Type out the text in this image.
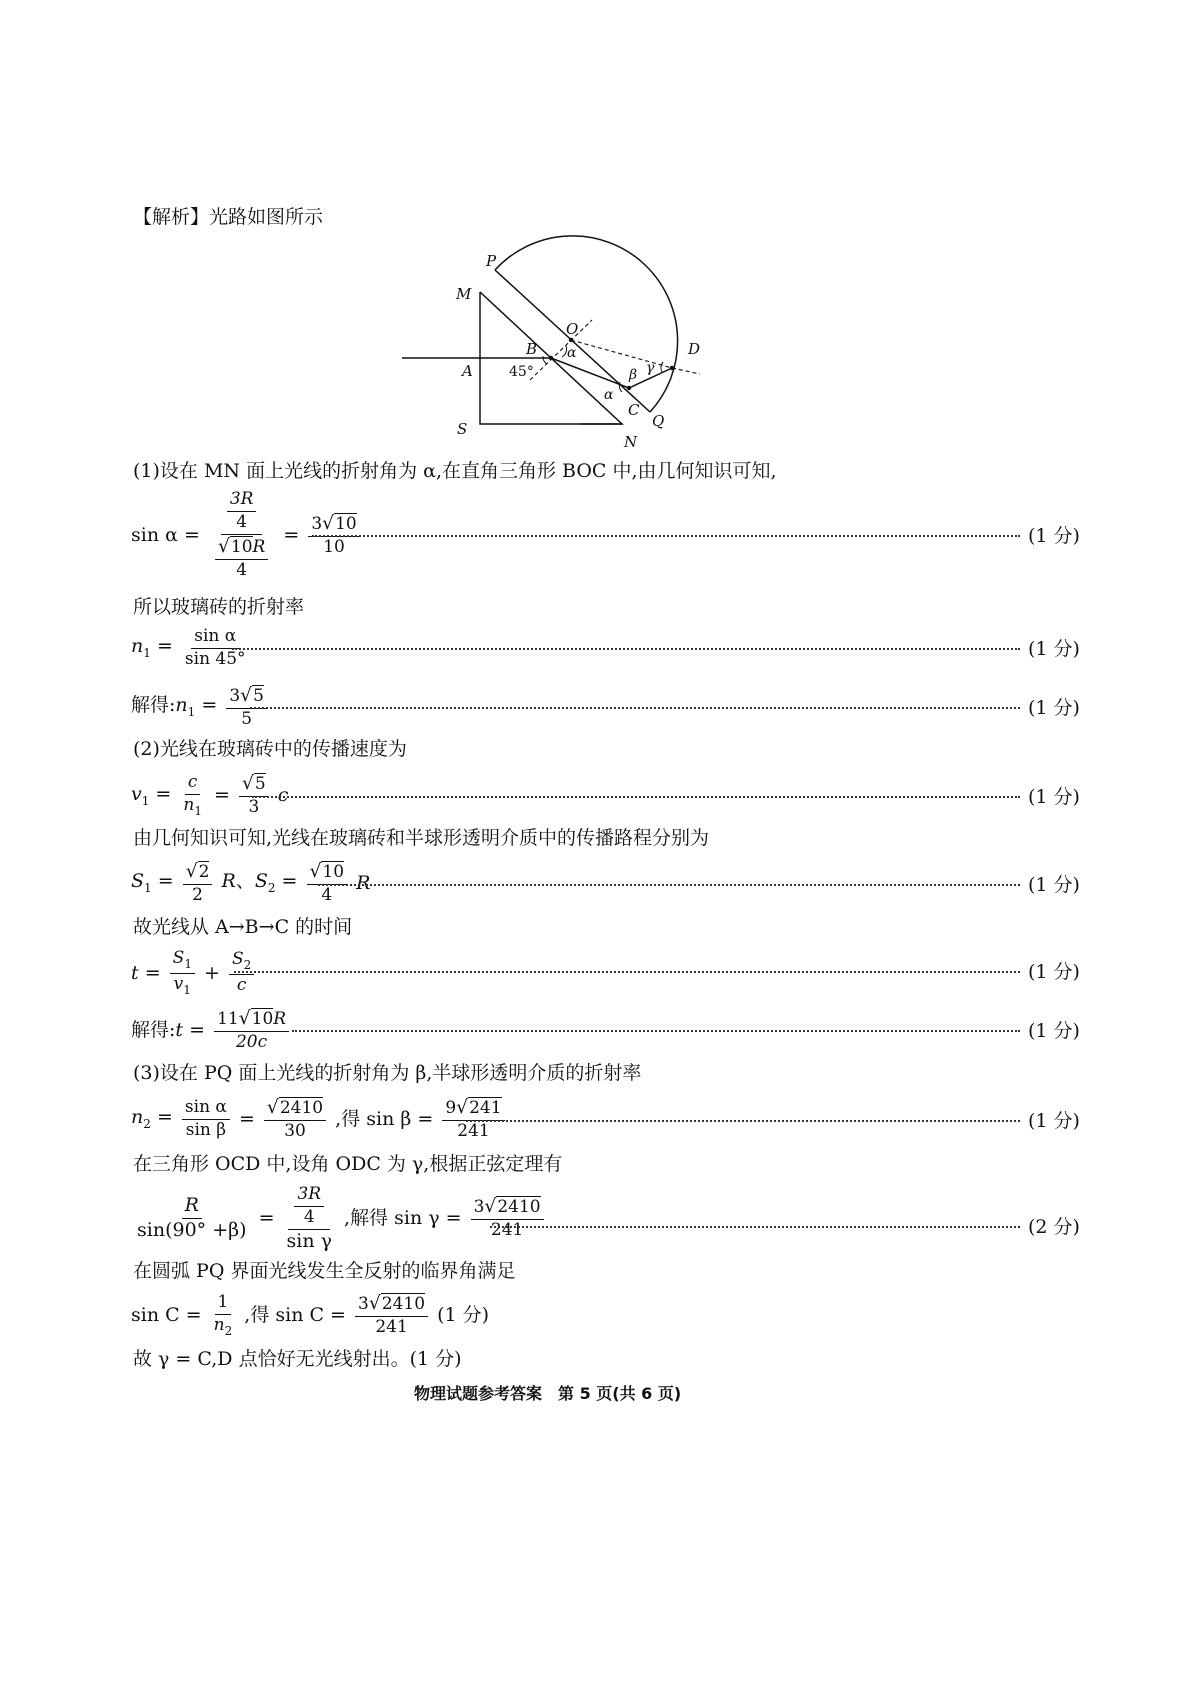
【解析】光路如图所示
P
M
O
D
B
A	45°
α
β γ
α
C
Q
S
N
(1)设在 MN 面上光线的折射角为 α,在直角三角形 BOC 中,由几何知识可知,
$\sin \alpha = \frac{\frac{3R}{4}}{\frac{√10R}{4}} = \frac{3√10}{10}$	(1 分)
所以玻璃砖的折射率
$n_1 = \frac{\text{sin α}}{\sin 45^\circ}$	(1 分)
解得$:n_1 = \frac{3√5}{5}$	(1 分)
(2)光线在玻璃砖中的传播速度为
$v_1 = \frac{c}{n_1} = \frac{√5}{3}$ c	(1 分)
由几何知识可知,光线在玻璃砖和半球形透明介质中的传播路程分别为
$S_1 = \frac{√2}{2}$ R、$S_2 = \frac{√10}{4}$ R	(1 分)
故光线从 A→B→C 的时间
$t = \frac{S_1}{v_1} + \frac{S_2}{c}$	(1 分)
解得:t = $\frac{11√10R}{20c}$	(1 分)
(3)设在 PQ 面上光线的折射角为 β,半球形透明介质的折射率
$n_2 = \frac{\text{sin α}}{\text{sin β}} = \frac{√2410}{30}$ ,得 $\sin \beta = \frac{9√241}{241}$	(1 分)
在三角形 OCD 中,设角 ODC 为 γ,根据正弦定理有
$\frac{R}{\sin(90^\circ +\beta)} = \frac{\frac{3R}{4}}{\text{sin γ}}$ ,解得 $\sin \gamma = \frac{3√2410}{241}$	(2 分)
在圆弧 PQ 界面光线发生全反射的临界角满足
$\sin C = \frac{1}{n_2}$ ,得 $\sin C = \frac{3√2410}{241} (1$ 分)
故 γ = C,D 点恰好无光线射出。(1 分)
物理试题参考答案　第 5 页(共 6 页)
